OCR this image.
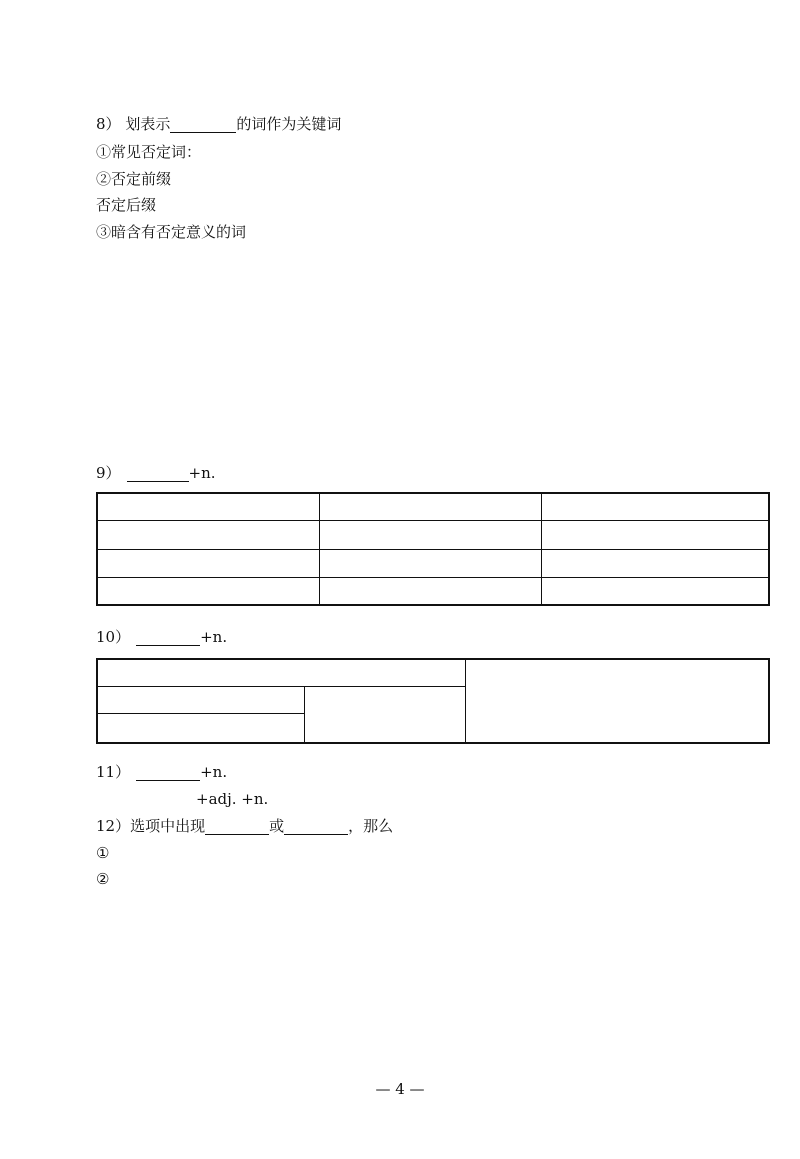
8） 划表示	的词作为关键词
①常见否定词：
②否定前缀
否定后缀
③暗含有否定意义的词
9）	+n.

10）	+n.

11）	+n.
+adj. +n.
12）选项中出现	或	，那么
①
②
— 4 —
